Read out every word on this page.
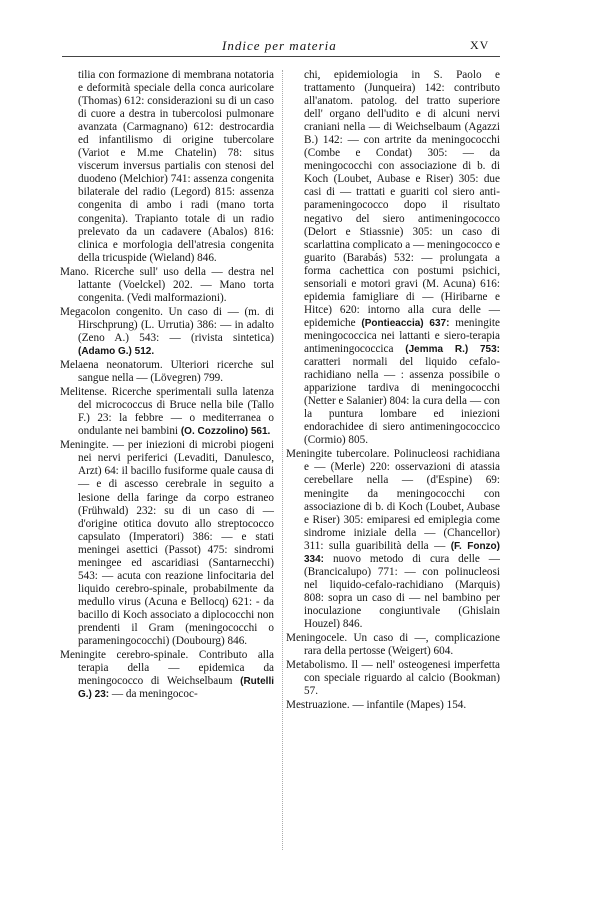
Indice per materia	XV

tilia con formazione di membrana notatoria e deformità speciale della conca auricolare (Thomas) 612: considerazioni su di un caso di cuore a destra in tubercolosi pulmonare avanzata (Carmagnano) 612: destrocardia ed infantilismo di origine tubercolare (Variot e M.me Chatelin) 78: situs viscerum inversus partialis con stenosi del duodeno (Melchior) 741: assenza congenita bilaterale del radio (Legord) 815: assenza congenita di ambo i radi (mano torta congenita). Trapianto totale di un radio prelevato da un cadavere (Abalos) 816: clinica e morfologia dell'atresia congenita della tricuspide (Wieland) 846.

Mano. Ricerche sull' uso della — destra nel lattante (Voelckel) 202. — Mano torta congenita. (Vedi malformazioni).

Megacolon congenito. Un caso di — (m. di Hirschprung) (L. Urrutia) 386: — in adalto (Zeno A.) 543: — (rivista sintetica) (Adamo G.) 512.

Melaena neonatorum. Ulteriori ricerche sul sangue nella — (Lövegren) 799.

Melitense. Ricerche sperimentali sulla latenza del micrococcus di Bruce nella bile (Tallo F.) 23: la febbre — o mediterranea o ondulante nei bambini (O. Cozzolino) 561.

Meningite. — per iniezioni di microbi piogeni nei nervi periferici (Levaditi, Danulesco, Arzt) 64: il bacillo fusiforme quale causa di — e di ascesso cerebrale in seguito a lesione della faringe da corpo estraneo (Frühwald) 232: su di un caso di — d'origine otitica dovuto allo streptococco capsulato (Imperatori) 386: — e stati meningei asettici (Passot) 475: sindromi meningee ed ascaridiasi (Santarnecchi) 543: — acuta con reazione linfocitaria del liquido cerebro-spinale, probabilmente da medullo virus (Acuna e Bellocq) 621: - da bacillo di Koch associato a diplococchi non prendenti il Gram (meningococchi o parameningococchi) (Doubourg) 846.

Meningite cerebro-spinale. Contributo alla terapia della — epidemica da meningococco di Weichselbaum (Rutelli G.) 23: — da meningococ-

chi, epidemiologia in S. Paolo e trattamento (Junqueira) 142: contributo all'anatom. patolog. del tratto superiore dell' organo dell'udito e di alcuni nervi craniani nella — di Weichselbaum (Agazzi B.) 142: — con artrite da meningococchi (Combe e Condat) 305: — da meningococchi con associazione di b. di Koch (Loubet, Aubase e Riser) 305: due casi di — trattati e guariti col siero anti-parameningococco dopo il risultato negativo del siero antimeningococco (Delort e Stiassnie) 305: un caso di scarlattina complicato a — meningococco e guarito (Barabás) 532: — prolungata a forma cachettica con postumi psichici, sensoriali e motori gravi (M. Acuna) 616: epidemia famigliare di — (Hiribarne e Hitce) 620: intorno alla cura delle — epidemiche (Pontieaccia) 637: meningite meningococcica nei lattanti e siero-terapia antimeningococcica (Jemma R.) 753: caratteri normali del liquido cefalo-rachidiano nella — : assenza possibile o apparizione tardiva di meningococchi (Netter e Salanier) 804: la cura della — con la puntura lombare ed iniezioni endorachidee di siero antimeningococcico (Cormio) 805.

Meningite tubercolare. Polinucleosi rachidiana e — (Merle) 220: osservazioni di atassia cerebellare nella — (d'Espine) 69: meningite da meningococchi con associazione di b. di Koch (Loubet, Aubase e Riser) 305: emiparesi ed emiplegia come sindrome iniziale della — (Chancellor) 311: sulla guaribilità della — (F. Fonzo) 334: nuovo metodo di cura delle — (Brancicalupo) 771: — con polinucleosi nel liquido-cefalo-rachidiano (Marquis) 808: sopra un caso di — nel bambino per inoculazione congiuntivale (Ghislain Houzel) 846.

Meningocele. Un caso di —, complicazione rara della pertosse (Weigert) 604.

Metabolismo. Il — nell' osteogenesi imperfetta con speciale riguardo al calcio (Bookman) 57.

Mestruazione. — infantile (Mapes) 154.
